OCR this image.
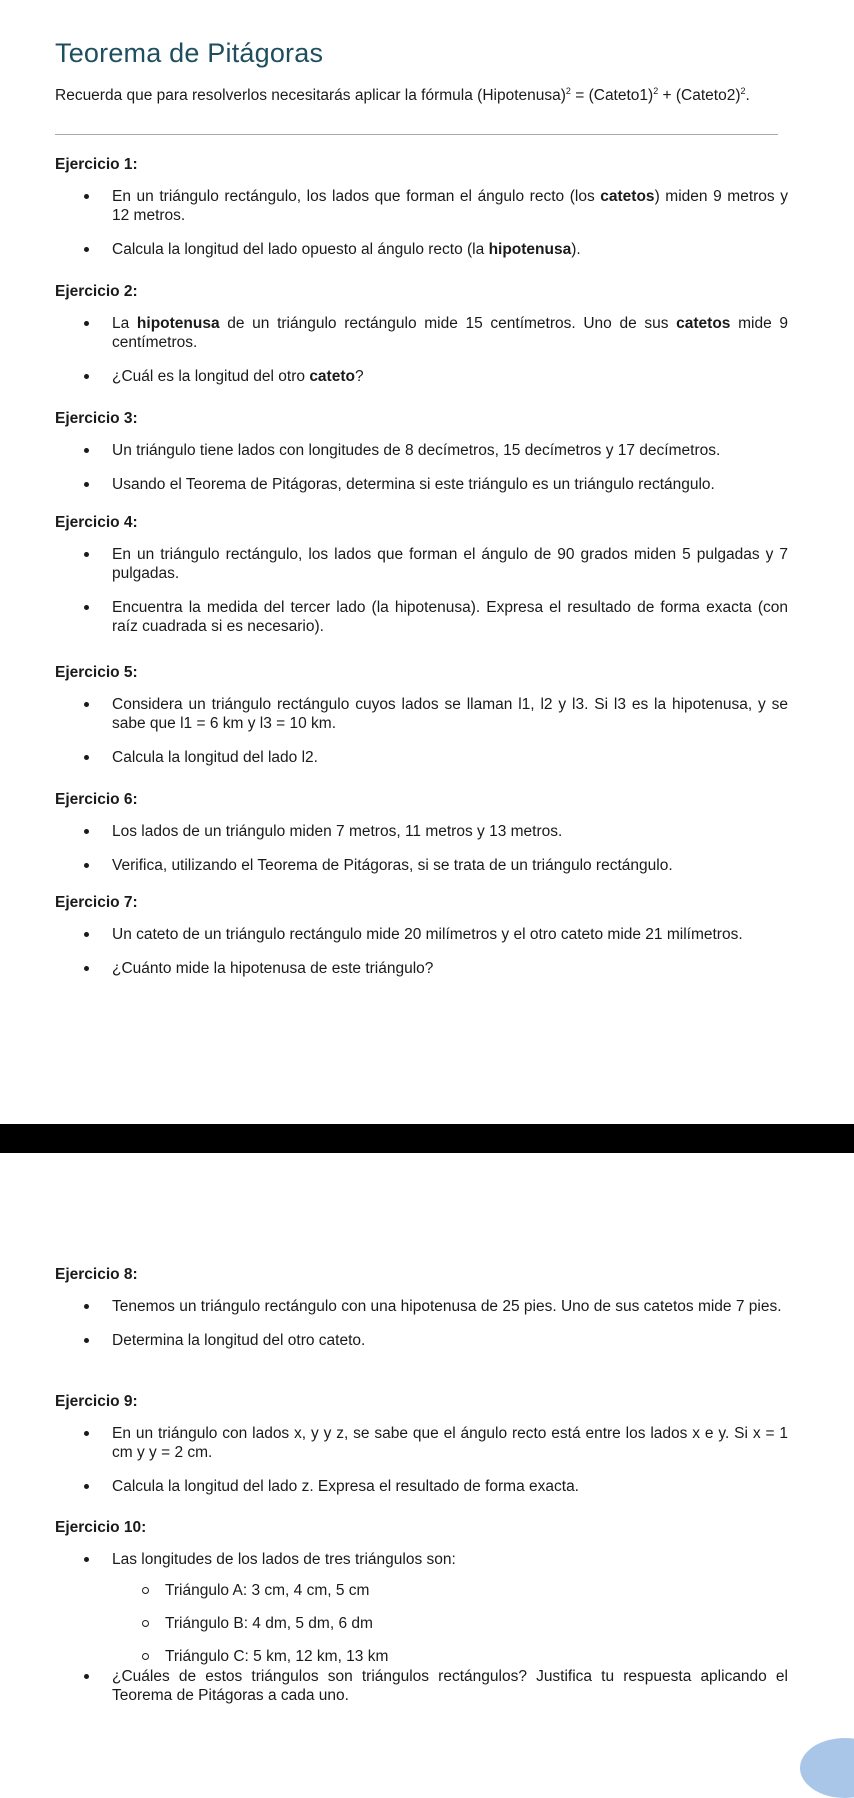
Teorema de Pitágoras
Recuerda que para resolverlos necesitarás aplicar la fórmula (Hipotenusa)$^2$ = (Cateto1)$^2$ + (Cateto2)$^2$.
Ejercicio 1:
En un triángulo rectángulo, los lados que forman el ángulo recto (los catetos) miden 9 metros y 12 metros.
Calcula la longitud del lado opuesto al ángulo recto (la hipotenusa).
Ejercicio 2:
La hipotenusa de un triángulo rectángulo mide 15 centímetros. Uno de sus catetos mide 9 centímetros.
¿Cuál es la longitud del otro cateto?
Ejercicio 3:
Un triángulo tiene lados con longitudes de 8 decímetros, 15 decímetros y 17 decímetros.
Usando el Teorema de Pitágoras, determina si este triángulo es un triángulo rectángulo.
Ejercicio 4:
En un triángulo rectángulo, los lados que forman el ángulo de 90 grados miden 5 pulgadas y 7 pulgadas.
Encuentra la medida del tercer lado (la hipotenusa). Expresa el resultado de forma exacta (con raíz cuadrada si es necesario).
Ejercicio 5:
Considera un triángulo rectángulo cuyos lados se llaman l1, l2 y l3. Si l3 es la hipotenusa, y se sabe que l1 = 6 km y l3 = 10 km.
Calcula la longitud del lado l2.
Ejercicio 6:
Los lados de un triángulo miden 7 metros, 11 metros y 13 metros.
Verifica, utilizando el Teorema de Pitágoras, si se trata de un triángulo rectángulo.
Ejercicio 7:
Un cateto de un triángulo rectángulo mide 20 milímetros y el otro cateto mide 21 milímetros.
¿Cuánto mide la hipotenusa de este triángulo?
Ejercicio 8:
Tenemos un triángulo rectángulo con una hipotenusa de 25 pies. Uno de sus catetos mide 7 pies.
Determina la longitud del otro cateto.
Ejercicio 9:
En un triángulo con lados x, y y z, se sabe que el ángulo recto está entre los lados x e y. Si x = 1 cm y y = 2 cm.
Calcula la longitud del lado z. Expresa el resultado de forma exacta.
Ejercicio 10:
Las longitudes de los lados de tres triángulos son:
Triángulo A: 3 cm, 4 cm, 5 cm
Triángulo B: 4 dm, 5 dm, 6 dm
Triángulo C: 5 km, 12 km, 13 km
¿Cuáles de estos triángulos son triángulos rectángulos? Justifica tu respuesta aplicando el Teorema de Pitágoras a cada uno.
